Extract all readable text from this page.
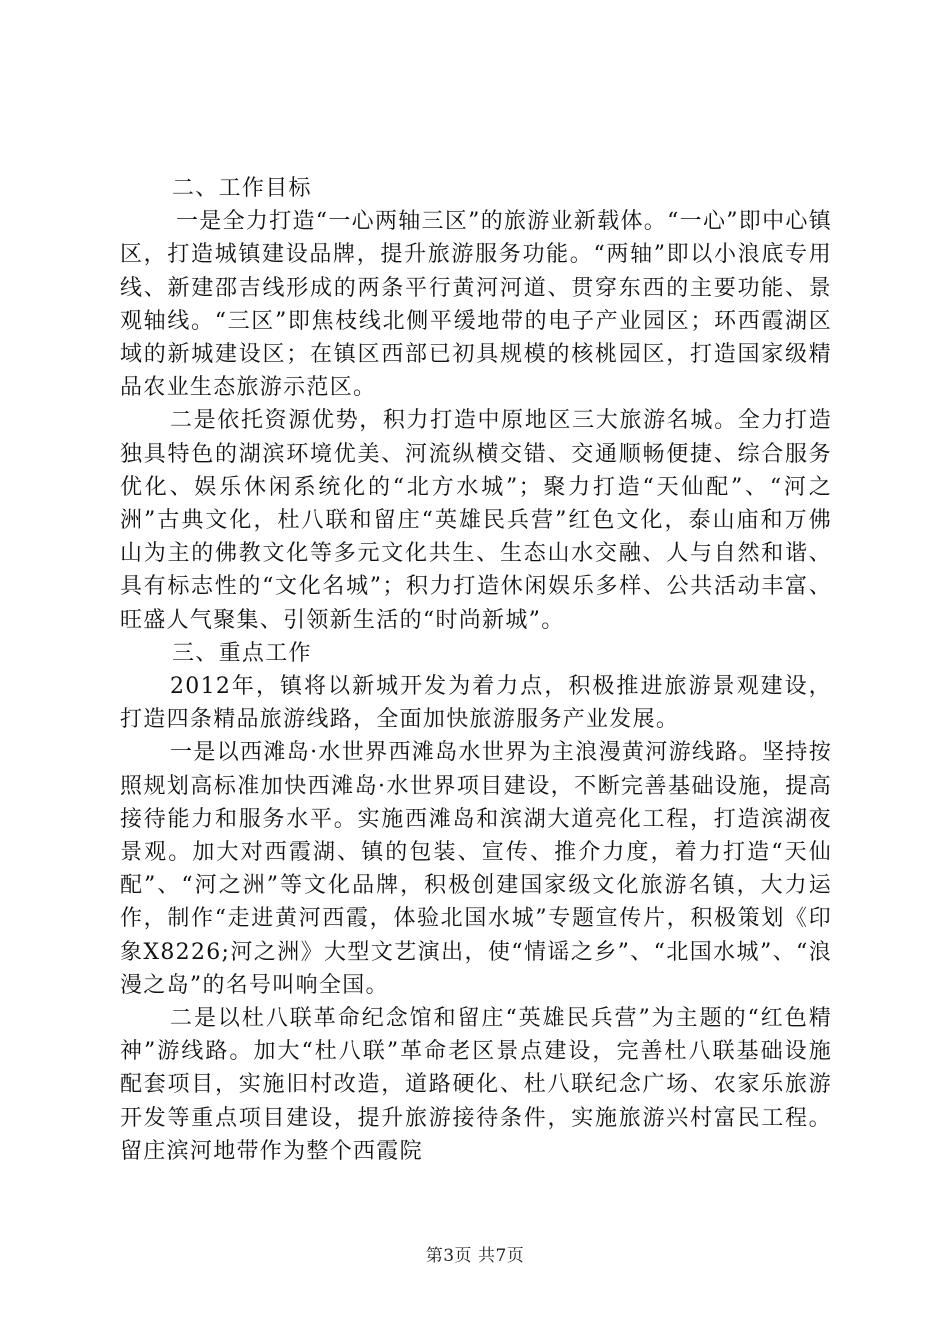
二、工作目标

一是全力打造“一心两轴三区”的旅游业新载体。“一心”即中心镇区，打造城镇建设品牌，提升旅游服务功能。“两轴”即以小浪底专用线、新建邵吉线形成的两条平行黄河河道、贯穿东西的主要功能、景观轴线。“三区”即焦枝线北侧平缓地带的电子产业园区；环西霞湖区域的新城建设区；在镇区西部已初具规模的核桃园区，打造国家级精品农业生态旅游示范区。

二是依托资源优势，积力打造中原地区三大旅游名城。全力打造独具特色的湖滨环境优美、河流纵横交错、交通顺畅便捷、综合服务优化、娱乐休闲系统化的“北方水城”；聚力打造“天仙配”、“河之洲”古典文化，杜八联和留庄“英雄民兵营”红色文化，泰山庙和万佛山为主的佛教文化等多元文化共生、生态山水交融、人与自然和谐、具有标志性的“文化名城”；积力打造休闲娱乐多样、公共活动丰富、旺盛人气聚集、引领新生活的“时尚新城”。

三、重点工作

2012年，镇将以新城开发为着力点，积极推进旅游景观建设，打造四条精品旅游线路，全面加快旅游服务产业发展。

一是以西滩岛·水世界西滩岛水世界为主浪漫黄河游线路。坚持按照规划高标准加快西滩岛·水世界项目建设，不断完善基础设施，提高接待能力和服务水平。实施西滩岛和滨湖大道亮化工程，打造滨湖夜景观。加大对西霞湖、镇的包装、宣传、推介力度，着力打造“天仙配”、“河之洲”等文化品牌，积极创建国家级文化旅游名镇，大力运作，制作“走进黄河西霞，体验北国水城”专题宣传片，积极策划《印象X8226;河之洲》大型文艺演出，使“情谣之乡”、“北国水城”、“浪漫之岛”的名号叫响全国。

二是以杜八联革命纪念馆和留庄“英雄民兵营”为主题的“红色精神”游线路。加大“杜八联”革命老区景点建设，完善杜八联基础设施配套项目，实施旧村改造，道路硬化、杜八联纪念广场、农家乐旅游开发等重点项目建设，提升旅游接待条件，实施旅游兴村富民工程。留庄滨河地带作为整个西霞院

第3页 共7页
